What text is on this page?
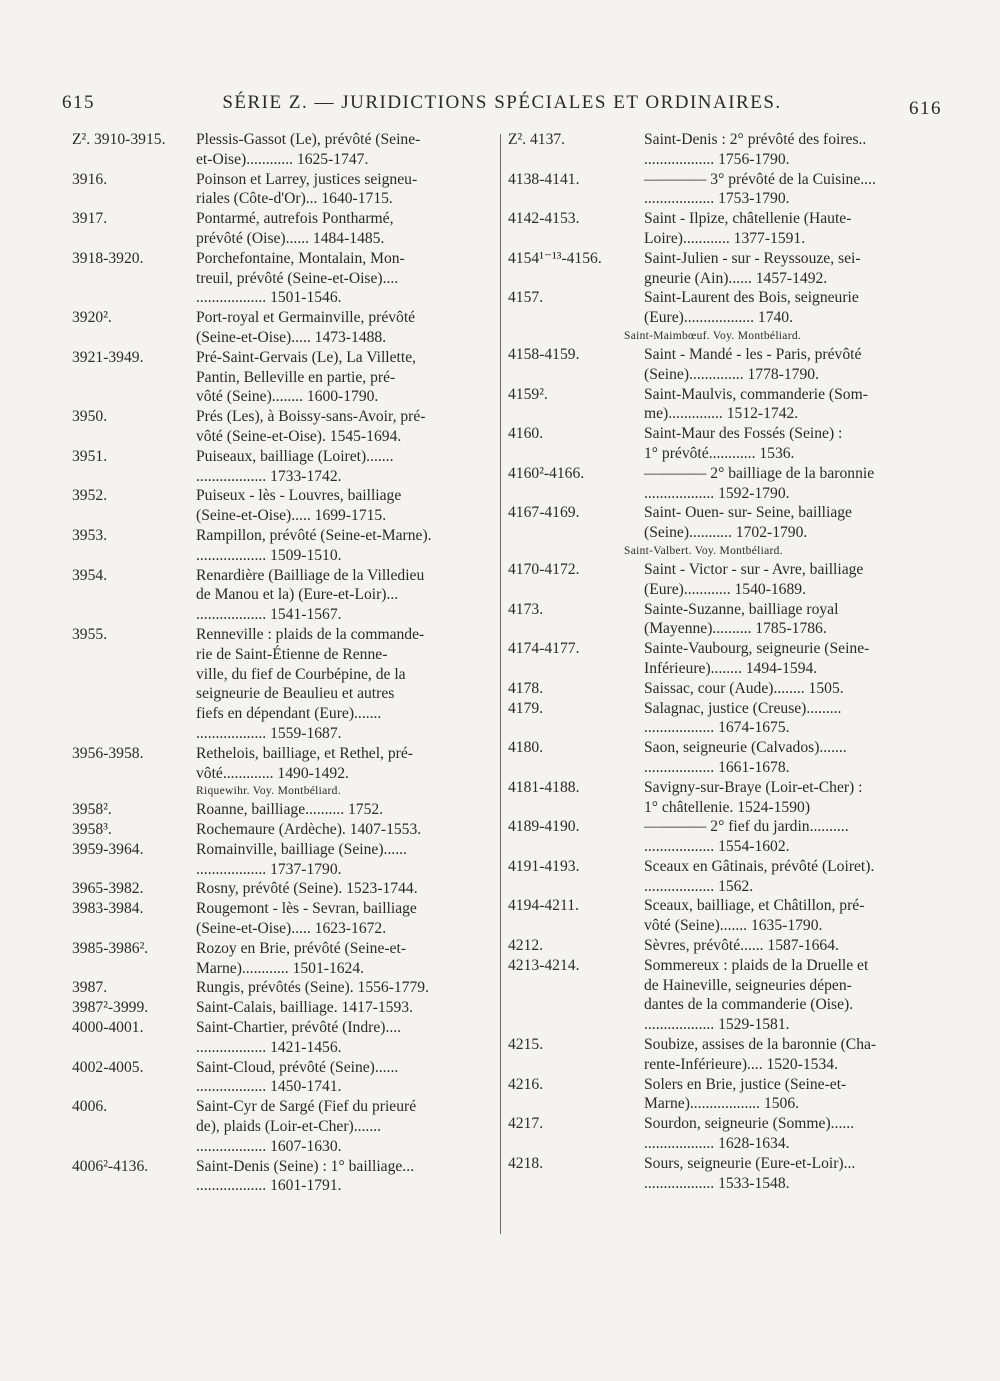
615	SÉRIE Z. — JURIDICTIONS SPÉCIALES ET ORDINAIRES.	616
Z². 3910-3915.	Plessis-Gassot (Le), prévôté (Seine-
et-Oise)............ 1625-1747.
3916.	Poinson et Larrey, justices seigneu-
riales (Côte-d'Or)... 1640-1715.
3917.	Pontarmé, autrefois Pontharmé,
prévôté (Oise)...... 1484-1485.
3918-3920.	Porchefontaine, Montalain, Mon-
treuil, prévôté (Seine-et-Oise)....
.................. 1501-1546.
3920².	Port-royal et Germainville, prévôté
(Seine-et-Oise)..... 1473-1488.
3921-3949.	Pré-Saint-Gervais (Le), La Villette,
Pantin, Belleville en partie, pré-
vôté (Seine)........ 1600-1790.
3950.	Prés (Les), à Boissy-sans-Avoir, pré-
vôté (Seine-et-Oise). 1545-1694.
3951.	Puiseaux, bailliage (Loiret).......
.................. 1733-1742.
3952.	Puiseux - lès - Louvres, bailliage
(Seine-et-Oise)..... 1699-1715.
3953.	Rampillon, prévôté (Seine-et-Marne).
.................. 1509-1510.
3954.	Renardière (Bailliage de la Villedieu
de Manou et la) (Eure-et-Loir)...
.................. 1541-1567.
3955.	Renneville : plaids de la commande-
rie de Saint-Étienne de Renne-
ville, du fief de Courbépine, de la
seigneurie de Beaulieu et autres
fiefs en dépendant (Eure).......
.................. 1559-1687.
3956-3958.	Rethelois, bailliage, et Rethel, pré-
vôté............. 1490-1492.
Riquewihr. Voy. Montbéliard.
3958².	Roanne, bailliage.......... 1752.
3958³.	Rochemaure (Ardèche). 1407-1553.
3959-3964.	Romainville, bailliage (Seine)......
.................. 1737-1790.
3965-3982.	Rosny, prévôté (Seine). 1523-1744.
3983-3984.	Rougemont - lès - Sevran, bailliage
(Seine-et-Oise)..... 1623-1672.
3985-3986².	Rozoy en Brie, prévôté (Seine-et-
Marne)............ 1501-1624.
3987.	Rungis, prévôtés (Seine). 1556-1779.
3987²-3999.	Saint-Calais, bailliage. 1417-1593.
4000-4001.	Saint-Chartier, prévôté (Indre)....
.................. 1421-1456.
4002-4005.	Saint-Cloud, prévôté (Seine)......
.................. 1450-1741.
4006.	Saint-Cyr de Sargé (Fief du prieuré
de), plaids (Loir-et-Cher).......
.................. 1607-1630.
4006²-4136.	Saint-Denis (Seine) : 1° bailliage...
.................. 1601-1791.
Z². 4137.	Saint-Denis : 2° prévôté des foires..
.................. 1756-1790.
4138-4141.	———— 3° prévôté de la Cuisine....
.................. 1753-1790.
4142-4153.	Saint - Ilpize, châtellenie (Haute-
Loire)............ 1377-1591.
4154¹⁻¹³-4156.	Saint-Julien - sur - Reyssouze, sei-
gneurie (Ain)...... 1457-1492.
4157.	Saint-Laurent des Bois, seigneurie
(Eure).................. 1740.
Saint-Maimbœuf. Voy. Montbéliard.
4158-4159.	Saint - Mandé - les - Paris, prévôté
(Seine).............. 1778-1790.
4159².	Saint-Maulvis, commanderie (Som-
me).............. 1512-1742.
4160.	Saint-Maur des Fossés (Seine) :
1° prévôté............ 1536.
4160²-4166.	———— 2° bailliage de la baronnie
.................. 1592-1790.
4167-4169.	Saint- Ouen- sur- Seine, bailliage
(Seine)........... 1702-1790.
Saint-Valbert. Voy. Montbéliard.
4170-4172.	Saint - Victor - sur - Avre, bailliage
(Eure)............ 1540-1689.
4173.	Sainte-Suzanne, bailliage royal
(Mayenne).......... 1785-1786.
4174-4177.	Sainte-Vaubourg, seigneurie (Seine-
Inférieure)........ 1494-1594.
4178.	Saissac, cour (Aude)........ 1505.
4179.	Salagnac, justice (Creuse).........
.................. 1674-1675.
4180.	Saon, seigneurie (Calvados).......
.................. 1661-1678.
4181-4188.	Savigny-sur-Braye (Loir-et-Cher) :
1° châtellenie. 1524-1590)
4189-4190.	———— 2° fief du jardin..........
.................. 1554-1602.
4191-4193.	Sceaux en Gâtinais, prévôté (Loiret).
.................. 1562.
4194-4211.	Sceaux, bailliage, et Châtillon, pré-
vôté (Seine)....... 1635-1790.
4212.	Sèvres, prévôté...... 1587-1664.
4213-4214.	Sommereux : plaids de la Druelle et
de Haineville, seigneuries dépen-
dantes de la commanderie (Oise).
.................. 1529-1581.
4215.	Soubize, assises de la baronnie (Cha-
rente-Inférieure).... 1520-1534.
4216.	Solers en Brie, justice (Seine-et-
Marne).................. 1506.
4217.	Sourdon, seigneurie (Somme)......
.................. 1628-1634.
4218.	Sours, seigneurie (Eure-et-Loir)...
.................. 1533-1548.
